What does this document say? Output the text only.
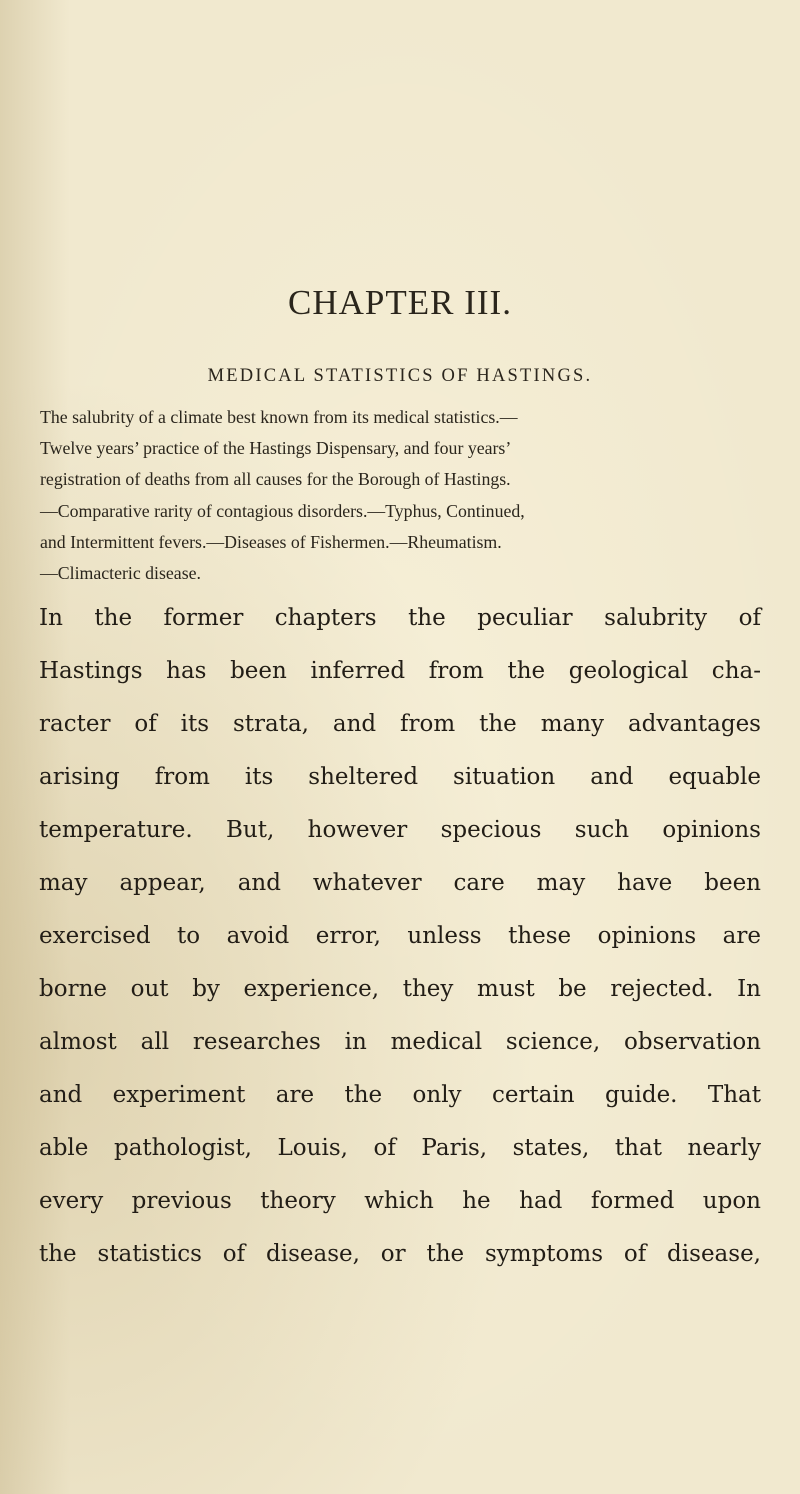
CHAPTER III.
MEDICAL STATISTICS OF HASTINGS.
The salubrity of a climate best known from its medical statistics.—
Twelve years’ practice of the Hastings Dispensary, and four years’
registration of deaths from all causes for the Borough of Hastings.
—Comparative rarity of contagious disorders.—Typhus, Continued,
and Intermittent fevers.—Diseases of Fishermen.—Rheumatism.
—Climacteric disease.
In the former chapters the peculiar salubrity of
Hastings has been inferred from the geological cha-
racter of its strata, and from the many advantages
arising from its sheltered situation and equable
temperature. But, however specious such opinions
may appear, and whatever care may have been
exercised to avoid error, unless these opinions are
borne out by experience, they must be rejected. In
almost all researches in medical science, observation
and experiment are the only certain guide. That
able pathologist, Louis, of Paris, states, that nearly
every previous theory which he had formed upon
the statistics of disease, or the symptoms of disease,
